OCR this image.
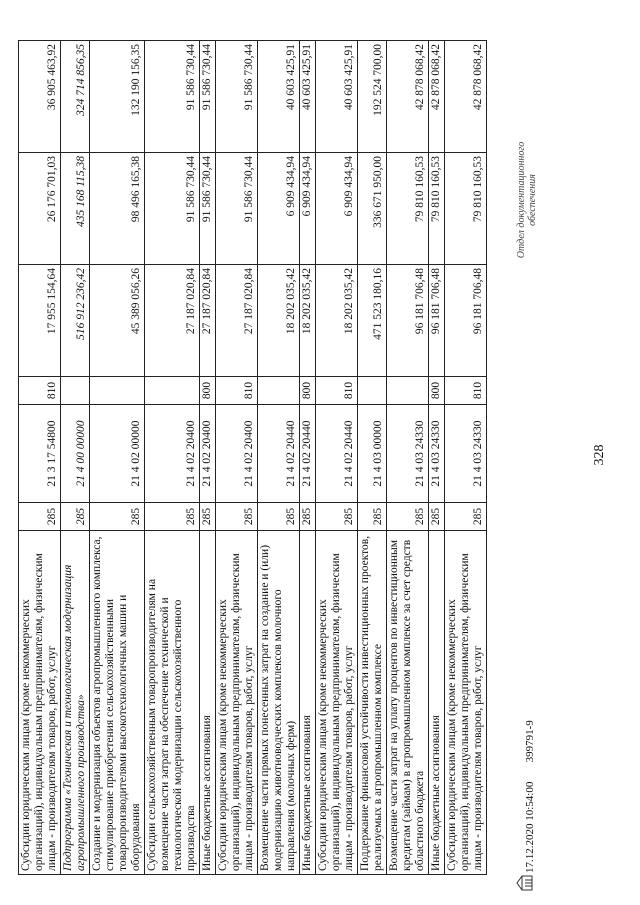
328
Субсидии юридическим лицам (кроме некоммерческих организаций), индивидуальным предпринимателям, физическим лицам - производителям товаров, работ, услуг	285	21 3 17 54800	810	17 955 154,64	26 176 701,03	36 905 463,92
Подпрограмма «Техническая и технологическая модернизация агропромышленного производства»	285	21 4 00 00000		516 912 236,42	435 168 115,38	324 714 856,35
Создание и модернизация объектов агропромышленного комплекса, стимулирование приобретения сельскохозяйственными товаропроизводителями высокотехнологичных машин и оборудования	285	21 4 02 00000		45 389 056,26	98 496 165,38	132 190 156,35
Субсидии сельскохозяйственным товаропроизводителям на возмещение части затрат на обеспечение технической и технологической модернизации сельскохозяйственного производства	285	21 4 02 20400		27 187 020,84	91 586 730,44	91 586 730,44
Иные бюджетные ассигнования	285	21 4 02 20400	800	27 187 020,84	91 586 730,44	91 586 730,44
Субсидии юридическим лицам (кроме некоммерческих организаций), индивидуальным предпринимателям, физическим лицам - производителям товаров, работ, услуг	285	21 4 02 20400	810	27 187 020,84	91 586 730,44	91 586 730,44
Возмещение части прямых понесенных затрат на создание и (или) модернизацию животноводческих комплексов молочного направления (молочных ферм)	285	21 4 02 20440		18 202 035,42	6 909 434,94	40 603 425,91
Иные бюджетные ассигнования	285	21 4 02 20440	800	18 202 035,42	6 909 434,94	40 603 425,91
Субсидии юридическим лицам (кроме некоммерческих организаций), индивидуальным предпринимателям, физическим лицам - производителям товаров, работ, услуг	285	21 4 02 20440	810	18 202 035,42	6 909 434,94	40 603 425,91
Поддержание финансовой устойчивости инвестиционных проектов, реализуемых в агропромышленном комплексе	285	21 4 03 00000		471 523 180,16	336 671 950,00	192 524 700,00
Возмещение части затрат на уплату процентов по инвестиционным кредитам (займам) в агропромышленном комплексе за счет средств областного бюджета	285	21 4 03 24330		96 181 706,48	79 810 160,53	42 878 068,42
Иные бюджетные ассигнования	285	21 4 03 24330	800	96 181 706,48	79 810 160,53	42 878 068,42
Субсидии юридическим лицам (кроме некоммерческих организаций), индивидуальным предпринимателям, физическим лицам - производителям товаров, работ, услуг	285	21 4 03 24330	810	96 181 706,48	79 810 160,53	42 878 068,42
17.12.2020 10:54:00       399791-9
Отдел документационного обеспечения
